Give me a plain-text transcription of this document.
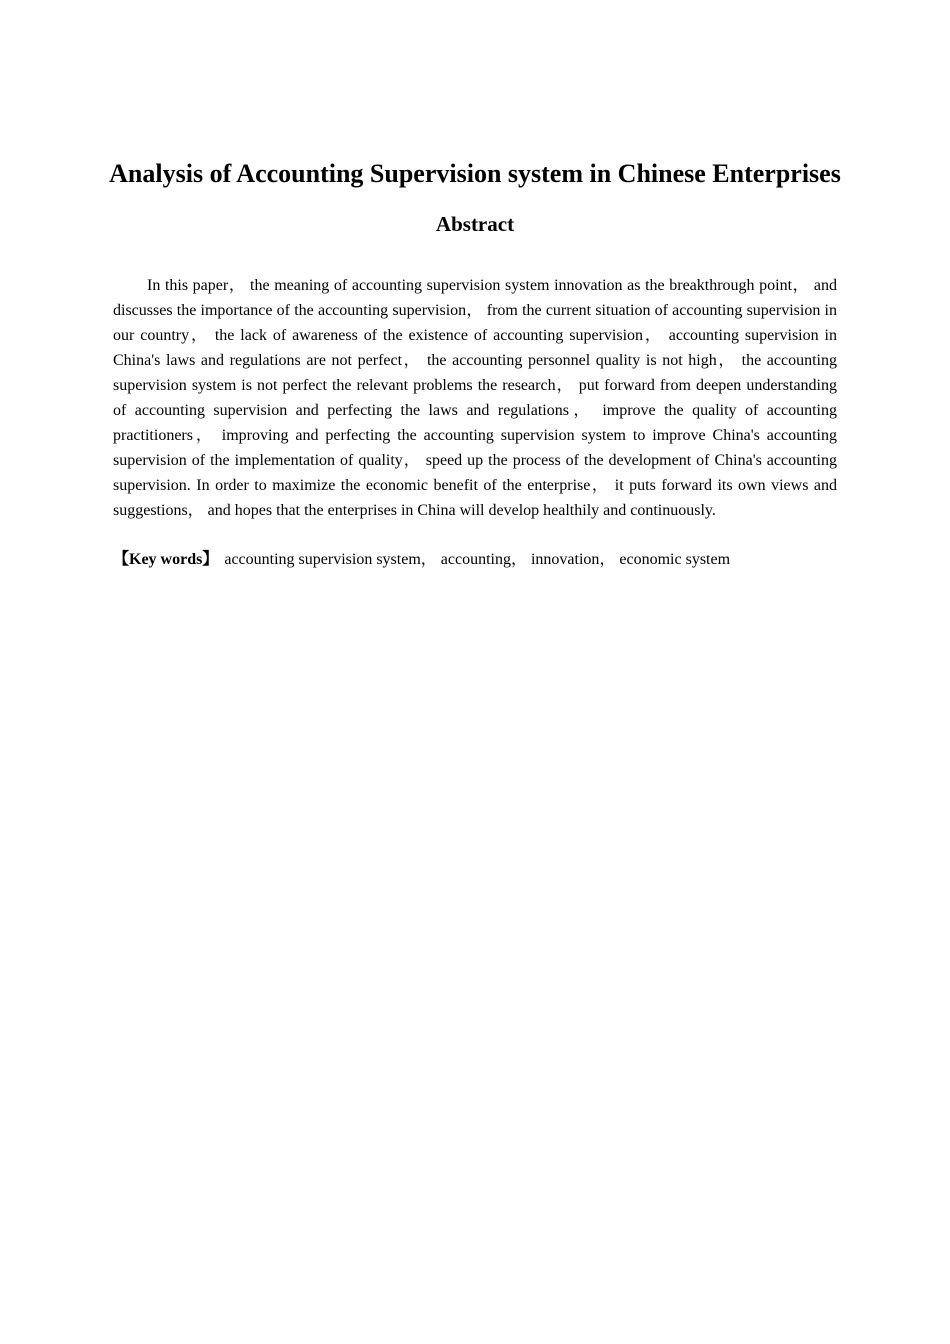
Analysis of Accounting Supervision system in Chinese Enterprises
Abstract

In this paper， the meaning of accounting supervision system innovation as the breakthrough point， and discusses the importance of the accounting supervision， from the current situation of accounting supervision in our country， the lack of awareness of the existence of accounting supervision， accounting supervision in China's laws and regulations are not perfect， the accounting personnel quality is not high， the accounting supervision system is not perfect the relevant problems the research， put forward from deepen understanding of accounting supervision and perfecting the laws and regulations， improve the quality of accounting practitioners， improving and perfecting the accounting supervision system to improve China's accounting supervision of the implementation of quality， speed up the process of the development of China's accounting supervision. In order to maximize the economic benefit of the enterprise， it puts forward its own views and suggestions， and hopes that the enterprises in China will develop healthily and continuously.

【Key words】 accounting supervision system， accounting， innovation， economic system
